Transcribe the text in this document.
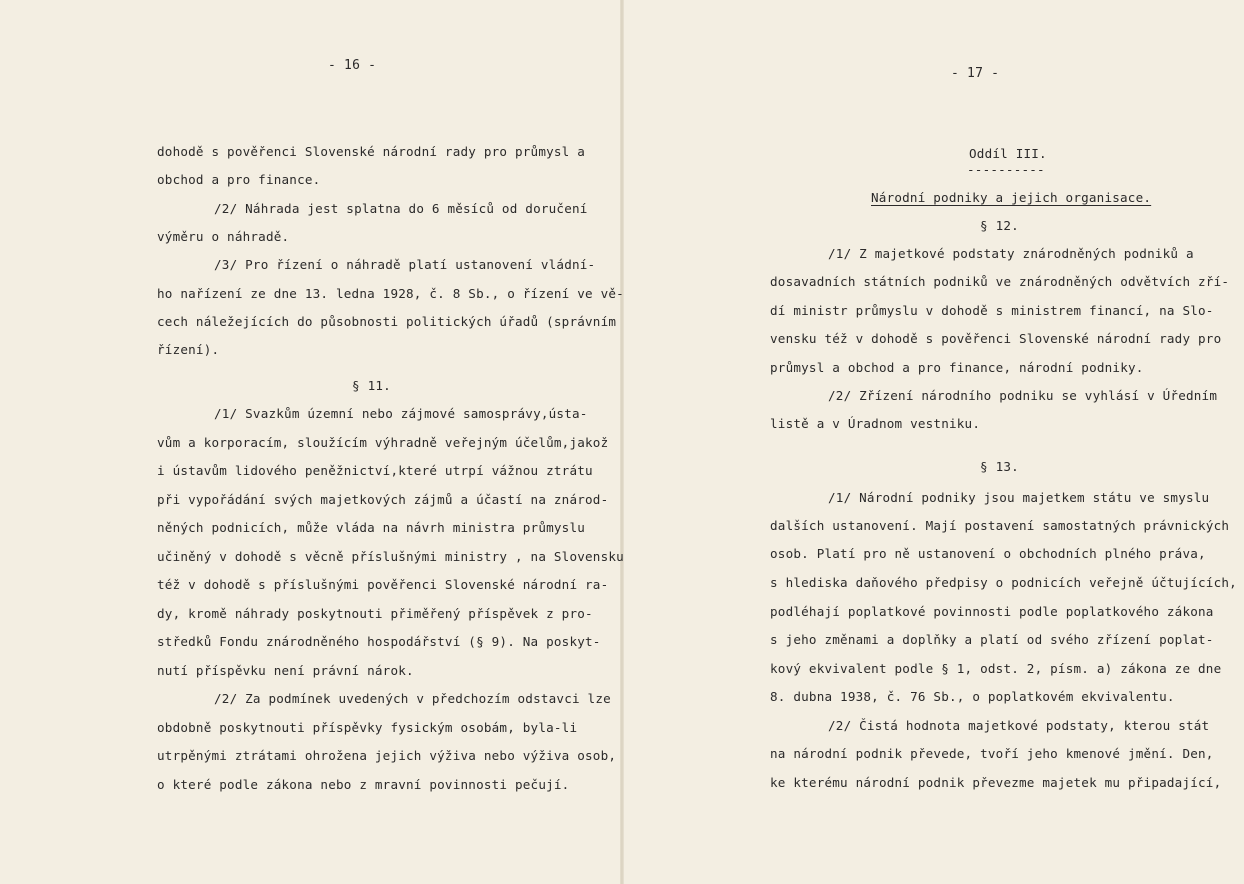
- 16 -
dohodě s pověřenci Slovenské národní rady pro průmysl a
obchod a pro finance.
/2/ Náhrada jest splatna do 6 měsíců od doručení
výměru o náhradě.
/3/ Pro řízení o náhradě platí ustanovení vládní-
ho nařízení ze dne 13. ledna 1928, č. 8 Sb., o řízení ve vě-
cech náležejících do působnosti politických úřadů (správním
řízení).
§ 11.
/1/ Svazkům územní nebo zájmové samosprávy,ústa-
vům a korporacím, sloužícím výhradně veřejným účelům,jakož
i ústavům lidového peněžnictví,které utrpí vážnou ztrátu
při vypořádání svých majetkových zájmů a účastí na znárod-
něných podnicích, může vláda na návrh ministra průmyslu
učiněný v dohodě s věcně příslušnými ministry , na Slovensku
též v dohodě s příslušnými pověřenci Slovenské národní ra-
dy, kromě náhrady poskytnouti přiměřený příspěvek z pro-
středků Fondu znárodněného hospodářství (§ 9). Na poskyt-
nutí příspěvku není právní nárok.
/2/ Za podmínek uvedených v předchozím odstavci lze
obdobně poskytnouti příspěvky fysickým osobám, byla-li
utrpěnými ztrátami ohrožena jejich výživa nebo výživa osob,
o které podle zákona nebo z mravní povinnosti pečují.
- 17 -
Oddíl III.
----------
Národní podniky a jejich organisace.
§ 12.
/1/ Z majetkové podstaty znárodněných podniků a
dosavadních státních podniků ve znárodněných odvětvích zří-
dí ministr průmyslu v dohodě s ministrem financí, na Slo-
vensku též v dohodě s pověřenci Slovenské národní rady pro
průmysl a obchod a pro finance, národní podniky.
/2/ Zřízení národního podniku se vyhlásí v Úředním
listě a v Úradnom vestniku.
§ 13.
/1/ Národní podniky jsou majetkem státu ve smyslu
dalších ustanovení. Mají postavení samostatných právnických
osob. Platí pro ně ustanovení o obchodních plného práva,
s hlediska daňového předpisy o podnicích veřejně účtujících,
podléhají poplatkové povinnosti podle poplatkového zákona
s jeho změnami a doplňky a platí od svého zřízení poplat-
kový ekvivalent podle § 1, odst. 2, písm. a) zákona ze dne
8. dubna 1938, č. 76 Sb., o poplatkovém ekvivalentu.
/2/ Čistá hodnota majetkové podstaty, kterou stát
na národní podnik převede, tvoří jeho kmenové jmění. Den,
ke kterému národní podnik převezme majetek mu připadající,
